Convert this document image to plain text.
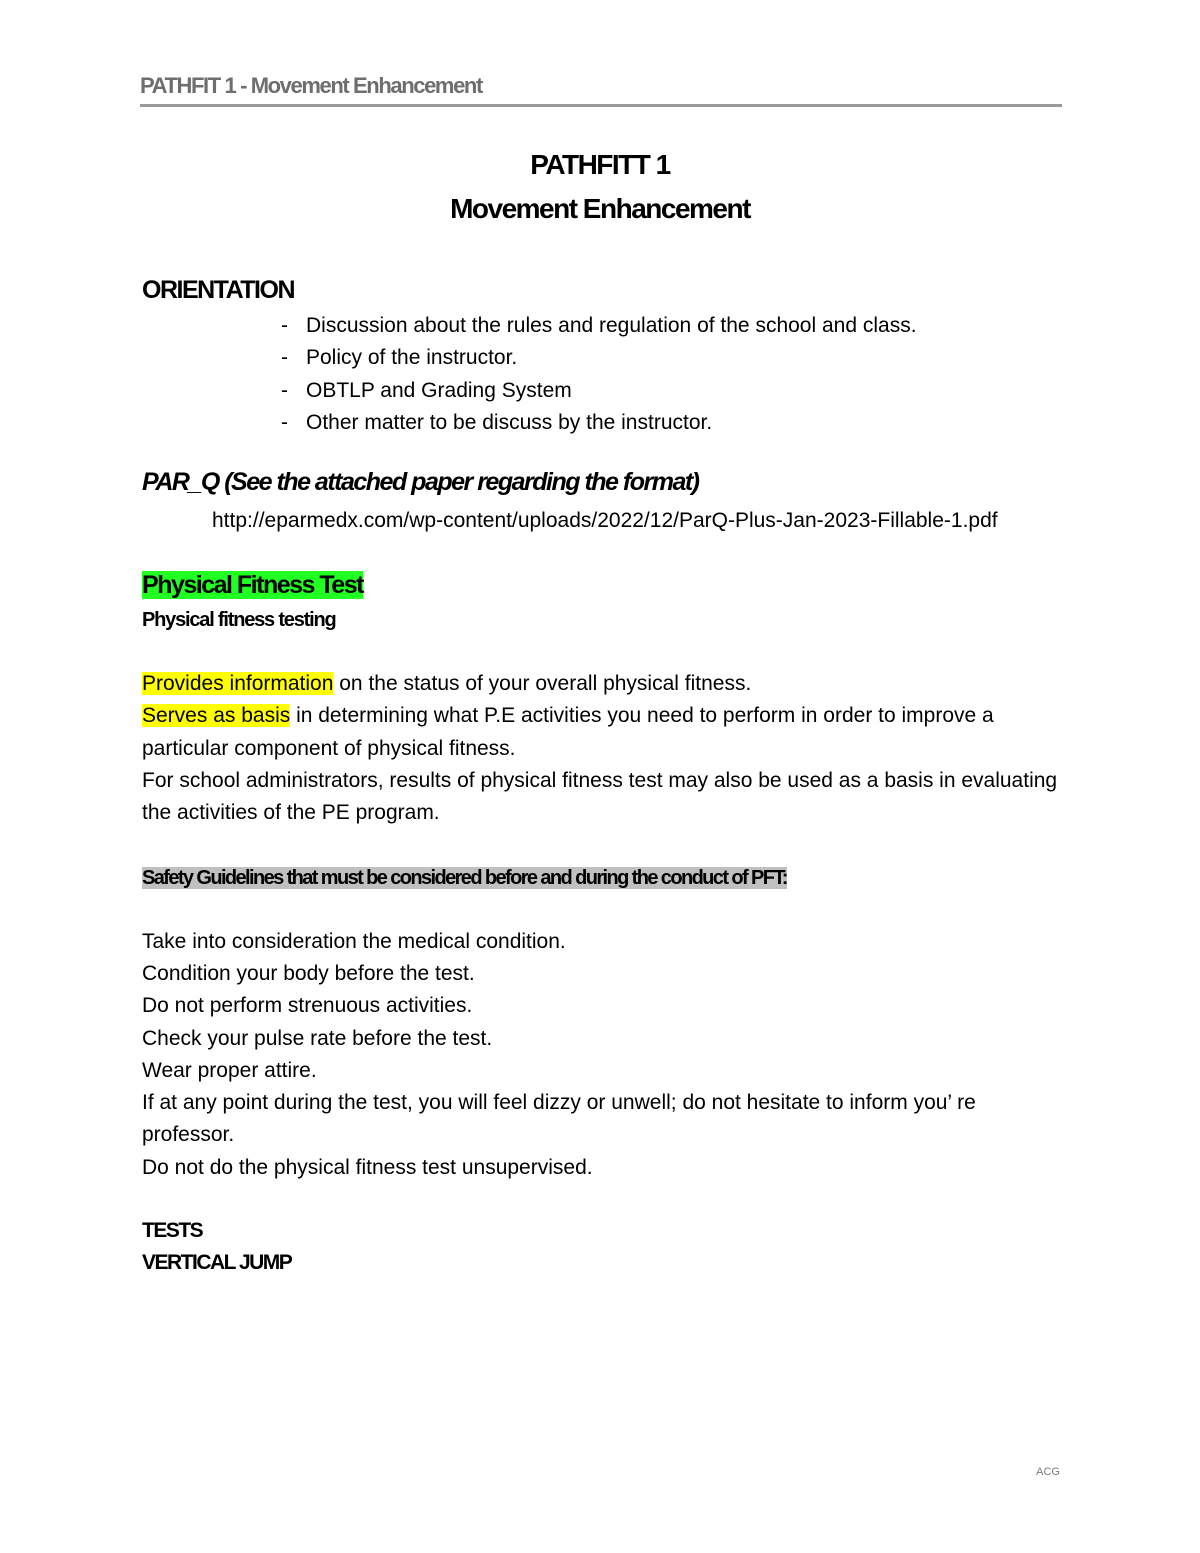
PATHFIT 1 - Movement Enhancement
PATHFITT 1
Movement Enhancement
ORIENTATION
- Discussion about the rules and regulation of the school and class.
- Policy of the instructor.
- OBTLP and Grading System
- Other matter to be discuss by the instructor.
PAR_Q (See the attached paper regarding the format)
http://eparmedx.com/wp-content/uploads/2022/12/ParQ-Plus-Jan-2023-Fillable-1.pdf
Physical Fitness Test
Physical fitness testing

Provides information on the status of your overall physical fitness.

Serves as basis in determining what P.E activities you need to perform in order to improve a particular component of physical fitness.

For school administrators, results of physical fitness test may also be used as a basis in evaluating the activities of the PE program.

Safety Guidelines that must be considered before and during the conduct of PFT:

Take into consideration the medical condition.

Condition your body before the test.

Do not perform strenuous activities.

Check your pulse rate before the test.

Wear proper attire.

If at any point during the test, you will feel dizzy or unwell; do not hesitate to inform you’ re professor.

Do not do the physical fitness test unsupervised.

TESTS
VERTICAL JUMP
ACG
